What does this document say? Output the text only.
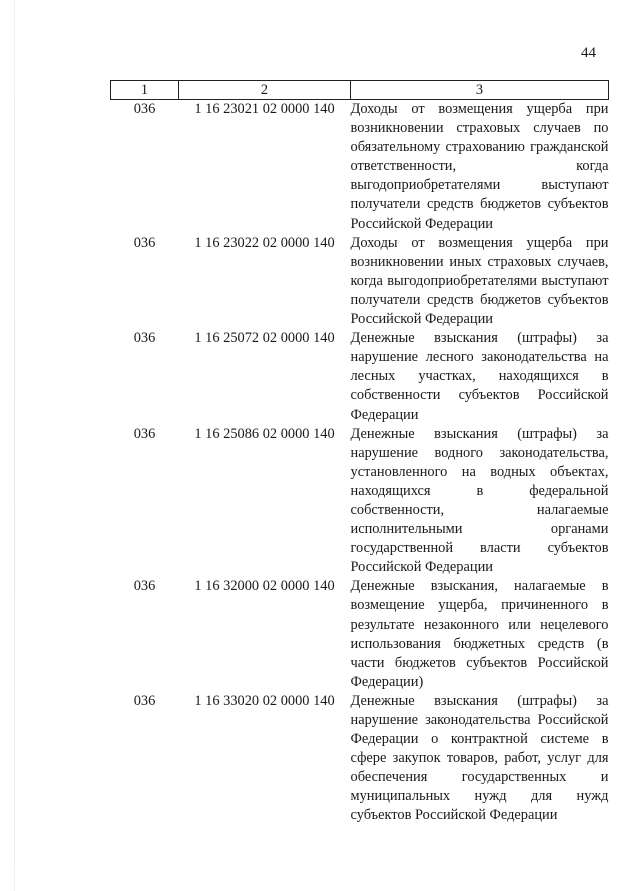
44
1	2	3
036	1 16 23021 02 0000 140	Доходы от возмещения ущерба при возникновении страховых случаев по обязательному страхованию гражданской ответственности, когда выгодоприобретателями выступают получатели средств бюджетов субъектов Российской Федерации
036	1 16 23022 02 0000 140	Доходы от возмещения ущерба при возникновении иных страховых случаев, когда выгодоприобретателями выступают получатели средств бюджетов субъектов Российской Федерации
036	1 16 25072 02 0000 140	Денежные взыскания (штрафы) за нарушение лесного законодательства на лесных участках, находящихся в собственности субъектов Российской Федерации
036	1 16 25086 02 0000 140	Денежные взыскания (штрафы) за нарушение водного законодательства, установленного на водных объектах, находящихся в федеральной собственности, налагаемые исполнительными органами государственной власти субъектов Российской Федерации
036	1 16 32000 02 0000 140	Денежные взыскания, налагаемые в возмещение ущерба, причиненного в результате незаконного или нецелевого использования бюджетных средств (в части бюджетов субъектов Российской Федерации)
036	1 16 33020 02 0000 140	Денежные взыскания (штрафы) за нарушение законодательства Российской Федерации о контрактной системе в сфере закупок товаров, работ, услуг для обеспечения государственных и муниципальных нужд для нужд субъектов Российской Федерации
